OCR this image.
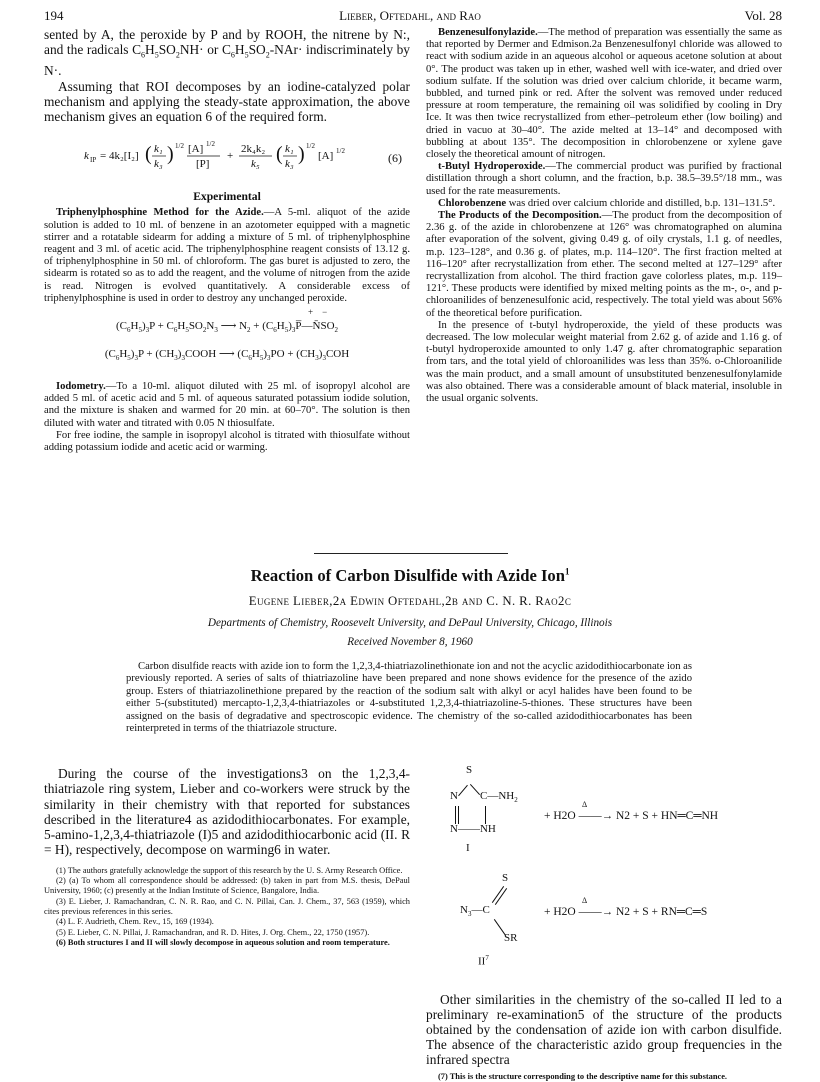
194	Lieber, Oftedahl, and Rao	Vol. 28

sented by A, the peroxide by P and by ROOH, the nitrene by N:, and the radicals $C_6H_5SO_2NH\cdot$ or $C_6H_5SO_2-NAr\cdot$ indiscriminately by N·.

Assuming that ROI decomposes by an iodine-catalyzed polar mechanism and applying the steady-state approximation, the above mechanism gives an equation 6 of the required form.

k IP = 4k₂[I₂] ( k₁
k₃ ) 1/2 [A] 1/2
[P]
+
2k₄k₂
k₅ ( k₁
k₃ ) 1/2
[A] 1/2	(6)
Experimental

Triphenylphosphine Method for the Azide.—A 5-ml. aliquot of the azide solution is added to 10 ml. of benzene in an azotometer equipped with a magnetic stirrer and a rotatable sidearm for adding a mixture of 5 ml. of triphenylphosphine reagent and 3 ml. of acetic acid. The triphenylphosphine reagent consists of 13.12 g. of triphenylphosphine in 50 ml. of chloroform. The gas buret is adjusted to zero, the sidearm is rotated so as to add the reagent, and the volume of nitrogen from the azide is read. Nitrogen is evolved quantitatively. A considerable excess of triphenylphosphine is used in order to destroy any unchanged peroxide.

$(C_6H_5)_3P + C_6H_5SO_2N_3$ ⟶ $N_2$ + $(C_6H_5)_3P̅—N̄SO_2$
+    −
$(C_6H_5)_3P$ + $(CH_3)_3COOH$ ⟶ $(C_6H_5)_3PO + (CH_3)_3COH$

Iodometry.—To a 10-ml. aliquot diluted with 25 ml. of isopropyl alcohol are added 5 ml. of acetic acid and 5 ml. of aqueous saturated potassium iodide solution, and the mixture is shaken and warmed for 20 min. at 60–70°. The solution is then diluted with water and titrated with 0.05 N thiosulfate.

For free iodine, the sample in isopropyl alcohol is titrated with thiosulfate without adding potassium iodide and acetic acid or warming.

Benzenesulfonylazide.—The method of preparation was essentially the same as that reported by Dermer and Edmison.2a Benzenesulfonyl chloride was allowed to react with sodium azide in an aqueous alcohol or aqueous acetone solution at about 0°. The product was taken up in ether, washed well with ice-water, and dried over sodium sulfate. If the solution was dried over calcium chloride, it became warm, bubbled, and turned pink or red. After the solvent was removed under reduced pressure at room temperature, the remaining oil was solidified by cooling in Dry Ice. It was then twice recrystallized from ether–petroleum ether (low boiling) and dried in vacuo at 30–40°. The azide melted at 13–14° and decomposed with bubbling at about 135°. The decomposition in chlorobenzene or xylene gave closely the theoretical amount of nitrogen.

t-Butyl Hydroperoxide.—The commercial product was purified by fractional distillation through a short column, and the fraction, b.p. 38.5–39.5°/18 mm., was used for the rate measurements.

Chlorobenzene was dried over calcium chloride and distilled, b.p. 131–131.5°.

The Products of the Decomposition.—The product from the decomposition of 2.36 g. of the azide in chlorobenzene at 126° was chromatographed on alumina after evaporation of the solvent, giving 0.49 g. of oily crystals, 1.1 g. of needles, m.p. 123–128°, and 0.36 g. of plates, m.p. 114–120°. The first fraction melted at 116–120° after recrystallization from ether. The second melted at 127–129° after recrystallization from alcohol. The third fraction gave colorless plates, m.p. 119–121°. These products were identified by mixed melting points as the m-, o-, and p-chloroanilides of benzenesulfonic acid, respectively. The total yield was about 56% of the theoretical before purification.

In the presence of t-butyl hydroperoxide, the yield of these products was decreased. The low molecular weight material from 2.62 g. of azide and 1.16 g. of t-butyl hydroperoxide amounted to only 1.47 g. after chromatographic separation from tars, and the total yield of chloroanilides was less than 35%. o-Chloroanilide was the main product, and a small amount of unsubstituted benzenesulfonylamide was also obtained. There was a considerable amount of black material, insoluble in the usual organic solvents.

Reaction of Carbon Disulfide with Azide Ion$^1$
Eugene Lieber,2a Edwin Oftedahl,2b and C. N. R. Rao2c
Departments of Chemistry, Roosevelt University, and DePaul University, Chicago, Illinois
Received November 8, 1960

Carbon disulfide reacts with azide ion to form the 1,2,3,4-thiatriazolinethionate ion and not the acyclic azidodithiocarbonate ion as previously reported. A series of salts of thiatriazoline have been prepared and none shows evidence for the presence of the azido group. Esters of thiatriazolinethione prepared by the reaction of the sodium salt with alkyl or acyl halides have been found to be either 5-(substituted) mercapto-1,2,3,4-thiatriazoles or 4-substituted 1,2,3,4-thiatriazoline-5-thiones. These structures have been assigned on the basis of degradative and spectroscopic evidence. The chemistry of the so-called azidodithiocarbonates has been reinterpreted in terms of the thiatriazole structure.

During the course of the investigations3 on the 1,2,3,4-thiatriazole ring system, Lieber and co-workers were struck by the similarity in their chemistry with that reported for substances described in the literature4 as azidodithiocarbonates. For example, 5-amino-1,2,3,4-thiatriazole (I)5 and azidodithiocarbonic acid (II. R = H), respectively, decompose on warming6 in water.

(1) The authors gratefully acknowledge the support of this research by the U. S. Army Research Office.

(2) (a) To whom all correspondence should be addressed: (b) taken in part from M.S. thesis, DePaul University, 1960; (c) presently at the Indian Institute of Science, Bangalore, India.

(3) E. Lieber, J. Ramachandran, C. N. R. Rao, and C. N. Pillai, Can. J. Chem., 37, 563 (1959), which cites previous references in this series.

(4) L. F. Audrieth, Chem. Rev., 15, 169 (1934).

(5) E. Lieber, C. N. Pillai, J. Ramachandran, and R. D. Hites, J. Org. Chem., 22, 1750 (1957).

(6) Both structures I and II will slowly decompose in aqueous solution and room temperature.

S
N $C—NH_2$
N——NH
I
Δ
+ H2O ——→ N2 + S + HN═C═NH
S
$N_3—C$
SR
$II^7$
Δ
+ H2O ——→ N2 + S + RN═C═S

Other similarities in the chemistry of the so-called II led to a preliminary re-examination5 of the structure of the products obtained by the condensation of azide ion with carbon disulfide. The absence of the characteristic azido group frequencies in the infrared spectra

(7) This is the structure corresponding to the descriptive name for this substance.
